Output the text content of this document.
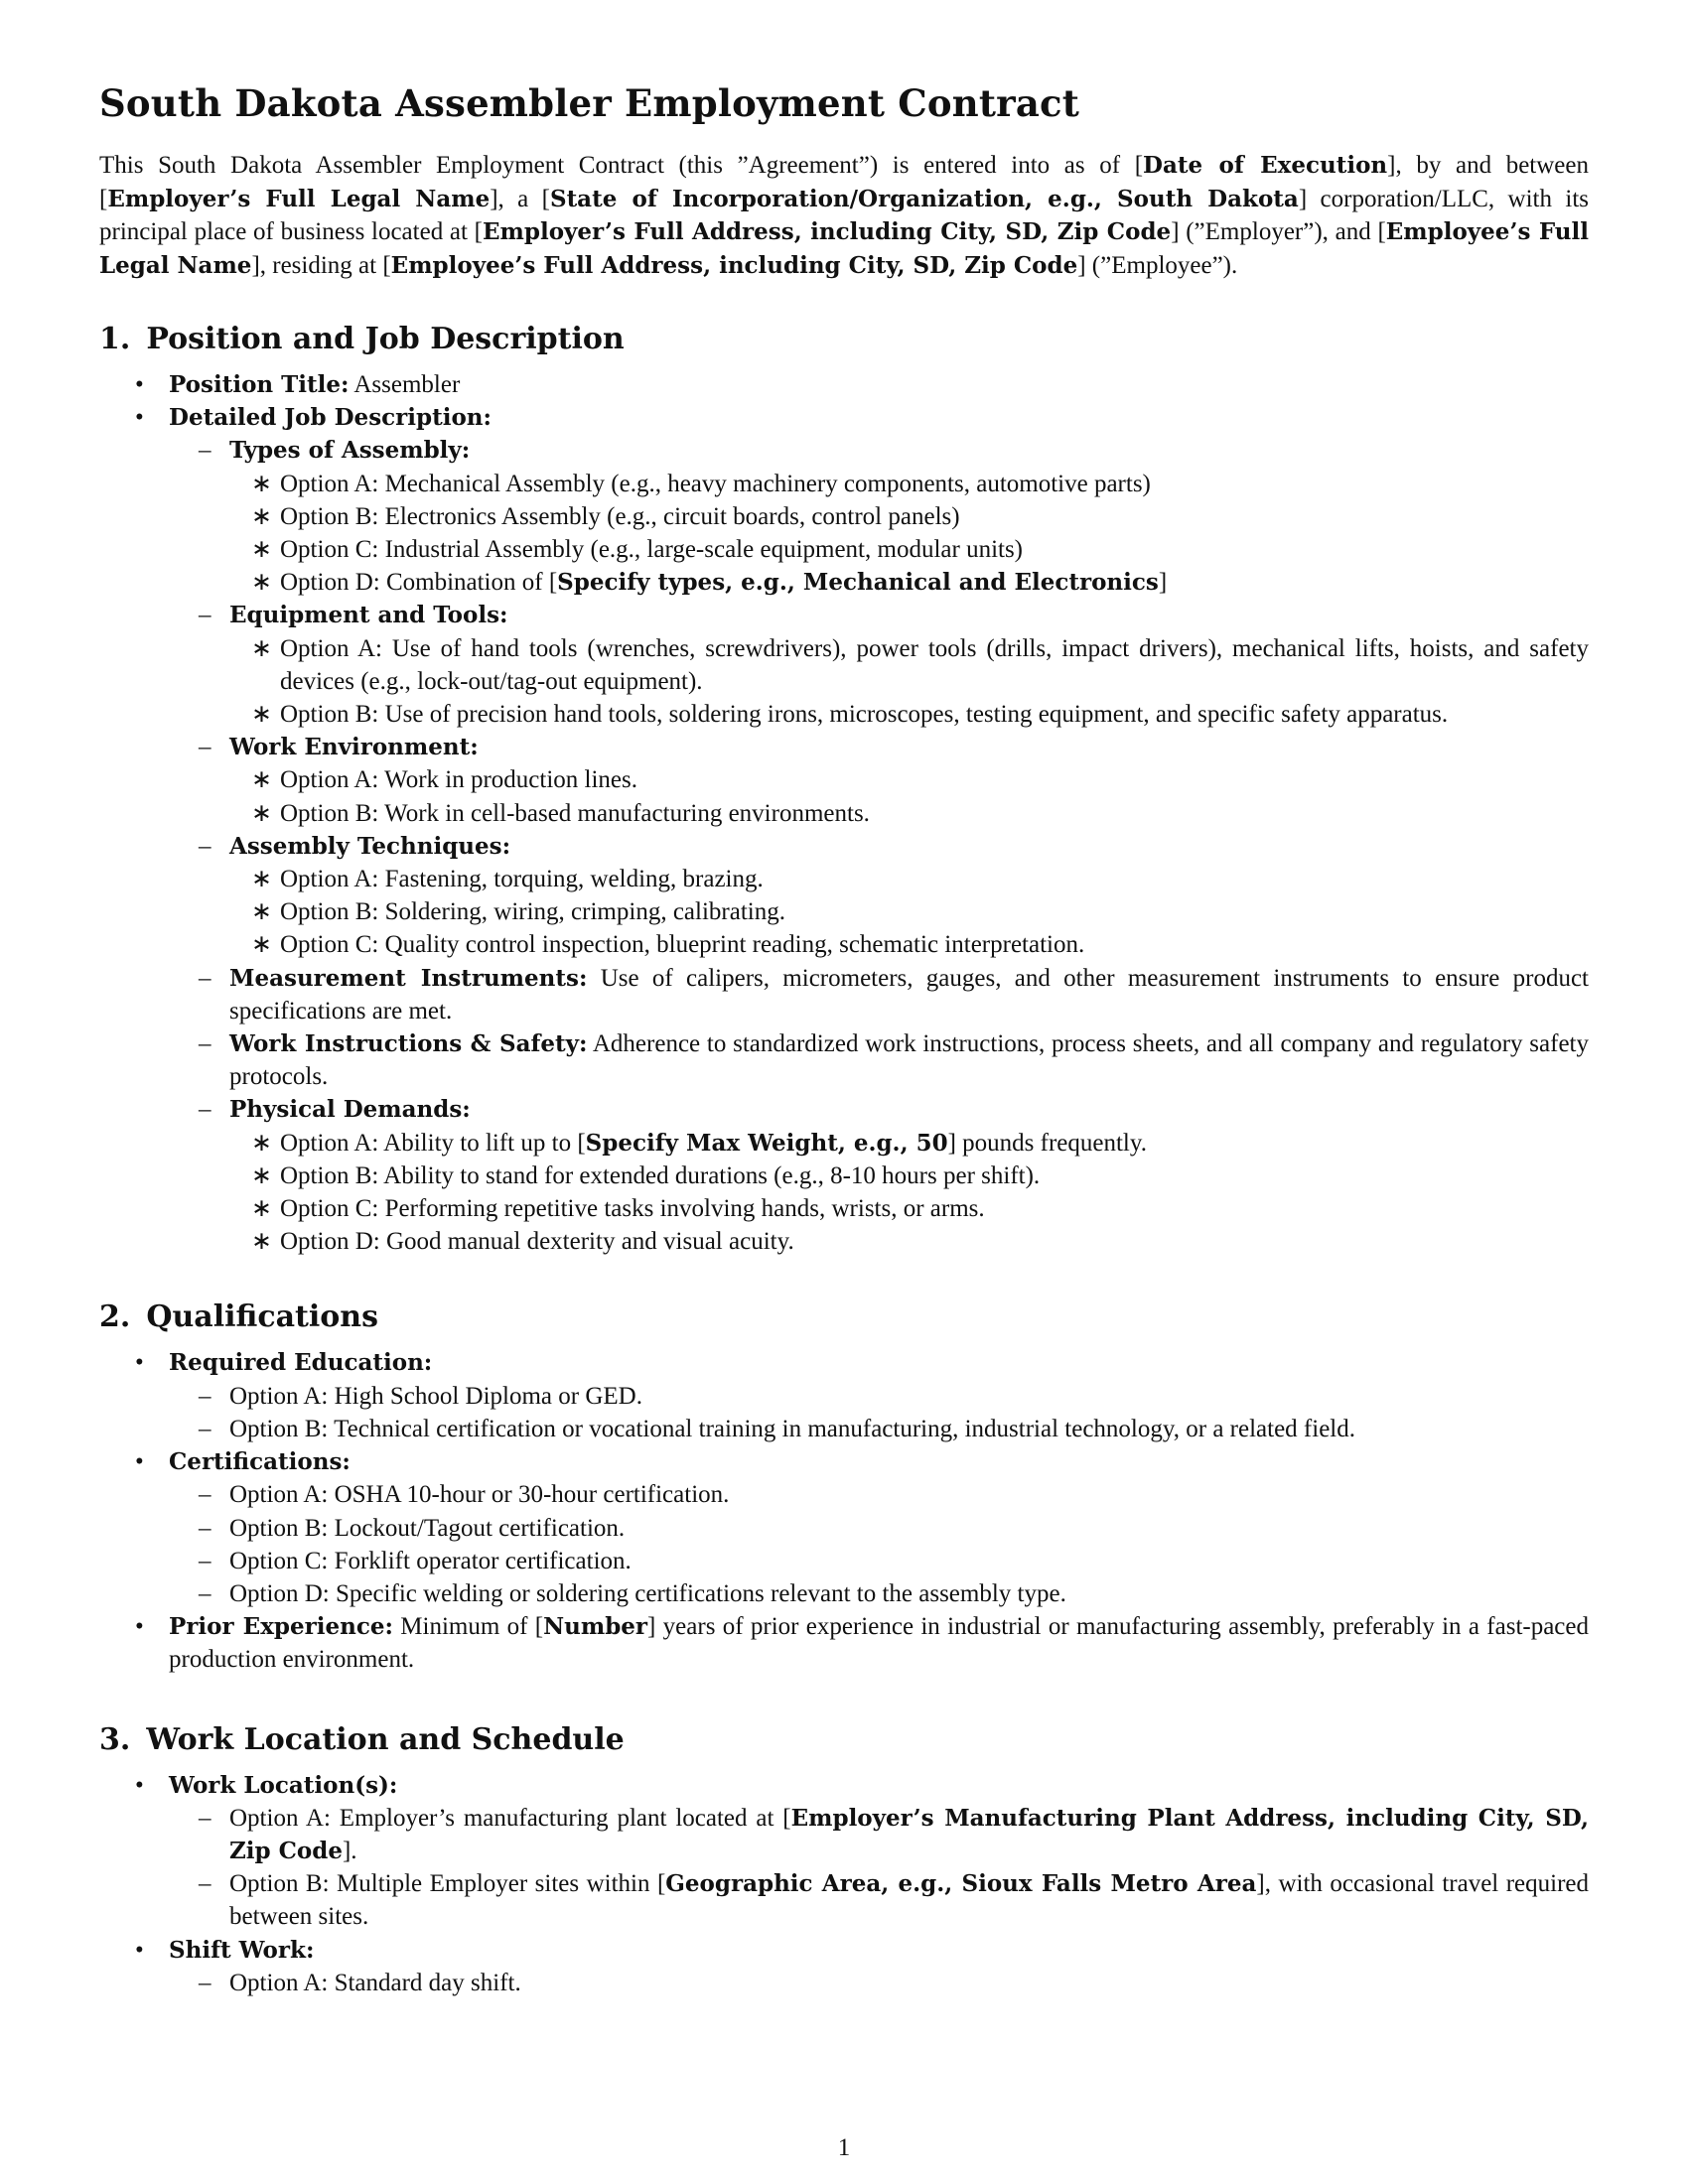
South Dakota Assembler Employment Contract

This South Dakota Assembler Employment Contract (this ”Agreement”) is entered into as of [Date of Execution], by and between [Employer’s Full Legal Name], a [State of Incorporation/Organization, e.g., South Dakota] corporation/LLC, with its principal place of business located at [Employer’s Full Address, including City, SD, Zip Code] (”Employer”), and [Employee’s Full Legal Name], residing at [Employee’s Full Address, including City, SD, Zip Code] (”Employee”).

1. Position and Job Description
• Position Title: Assembler
• Detailed Job Description:
– Types of Assembly:
∗ Option A: Mechanical Assembly (e.g., heavy machinery components, automotive parts)
∗ Option B: Electronics Assembly (e.g., circuit boards, control panels)
∗ Option C: Industrial Assembly (e.g., large-scale equipment, modular units)
∗ Option D: Combination of [Specify types, e.g., Mechanical and Electronics]
– Equipment and Tools:
∗ Option A: Use of hand tools (wrenches, screwdrivers), power tools (drills, impact drivers), mechanical lifts, hoists, and safety devices (e.g., lock-out/tag-out equipment).
∗ Option B: Use of precision hand tools, soldering irons, microscopes, testing equipment, and specific safety apparatus.
– Work Environment:
∗ Option A: Work in production lines.
∗ Option B: Work in cell-based manufacturing environments.
– Assembly Techniques:
∗ Option A: Fastening, torquing, welding, brazing.
∗ Option B: Soldering, wiring, crimping, calibrating.
∗ Option C: Quality control inspection, blueprint reading, schematic interpretation.
– Measurement Instruments: Use of calipers, micrometers, gauges, and other measurement instruments to ensure product specifications are met.
– Work Instructions & Safety: Adherence to standardized work instructions, process sheets, and all company and regulatory safety protocols.
– Physical Demands:
∗ Option A: Ability to lift up to [Specify Max Weight, e.g., 50] pounds frequently.
∗ Option B: Ability to stand for extended durations (e.g., 8-10 hours per shift).
∗ Option C: Performing repetitive tasks involving hands, wrists, or arms.
∗ Option D: Good manual dexterity and visual acuity.
2. Qualifications
• Required Education:
– Option A: High School Diploma or GED.
– Option B: Technical certification or vocational training in manufacturing, industrial technology, or a related field.
• Certifications:
– Option A: OSHA 10-hour or 30-hour certification.
– Option B: Lockout/Tagout certification.
– Option C: Forklift operator certification.
– Option D: Specific welding or soldering certifications relevant to the assembly type.
• Prior Experience: Minimum of [Number] years of prior experience in industrial or manufacturing assembly, preferably in a fast-paced production environment.
3. Work Location and Schedule
• Work Location(s):
– Option A: Employer’s manufacturing plant located at [Employer’s Manufacturing Plant Address, including City, SD, Zip Code].
– Option B: Multiple Employer sites within [Geographic Area, e.g., Sioux Falls Metro Area], with occasional travel required between sites.
• Shift Work:
– Option A: Standard day shift.
1
